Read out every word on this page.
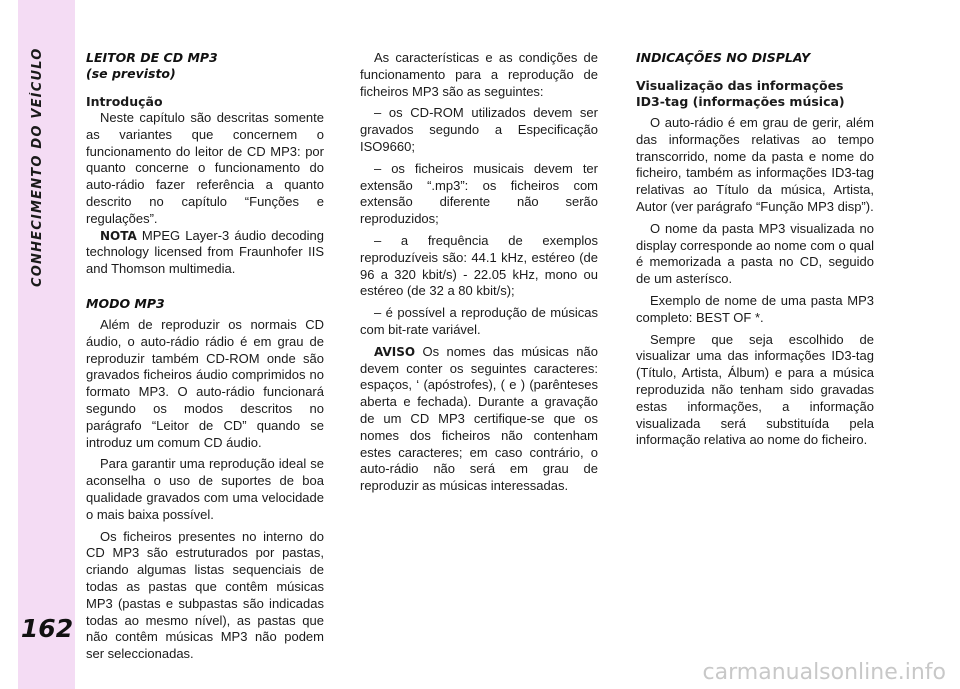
CONHECIMENTO DO VEÍCULO
162
LEITOR DE CD MP3
(se previsto)
Introdução

Neste capítulo são descritas somente as variantes que concernem o funcionamento do leitor de CD MP3: por quanto concerne o funcionamento do auto-rádio fazer referência a quanto descrito no capítulo “Funções e regulações”.

NOTA MPEG Layer-3 áudio decoding technology licensed from Fraunhofer IIS and Thomson multimedia.

MODO MP3

Além de reproduzir os normais CD áudio, o auto-rádio rádio é em grau de reproduzir também CD-ROM onde são gravados ficheiros áudio comprimidos no formato MP3. O auto-rádio funcionará segundo os modos descritos no parágrafo “Leitor de CD” quando se introduz um comum CD áudio.

Para garantir uma reprodução ideal se aconselha o uso de suportes de boa qualidade gravados com uma velocidade o mais baixa possível.

Os ficheiros presentes no interno do CD MP3 são estruturados por pastas, criando algumas listas sequenciais de todas as pastas que contêm músicas MP3 (pastas e subpastas são indicadas todas ao mesmo nível), as pastas que não contêm músicas MP3 não podem ser seleccionadas.

As características e as condições de funcionamento para a reprodução de ficheiros MP3 são as seguintes:

– os CD-ROM utilizados devem ser gravados segundo a Especificação ISO9660;

– os ficheiros musicais devem ter extensão “.mp3”: os ficheiros com extensão diferente não serão reproduzidos;

– a frequência de exemplos reproduzíveis são: 44.1 kHz, estéreo (de 96 a 320 kbit/s) - 22.05 kHz, mono ou estéreo (de 32 a 80 kbit/s);

– é possível a reprodução de músicas com bit-rate variável.

AVISO Os nomes das músicas não devem conter os seguintes caracteres: espaços, ‘ (apóstrofes), ( e ) (parênteses aberta e fechada). Durante a gravação de um CD MP3 certifique-se que os nomes dos ficheiros não contenham estes caracteres; em caso contrário, o auto-rádio não será em grau de reproduzir as músicas interessadas.

INDICAÇÕES NO DISPLAY
Visualização das informações
ID3-tag (informações música)

O auto-rádio é em grau de gerir, além das informações relativas ao tempo transcorrido, nome da pasta e nome do ficheiro, também as informações ID3-tag relativas ao Título da música, Artista, Autor (ver parágrafo “Função MP3 disp”).

O nome da pasta MP3 visualizada no display corresponde ao nome com o qual é memorizada a pasta no CD, seguido de um asterísco.

Exemplo de nome de uma pasta MP3 completo: BEST OF *.

Sempre que seja escolhido de visualizar uma das informações ID3-tag (Título, Artista, Álbum) e para a música reproduzida não tenham sido gravadas estas informações, a informação visualizada será substituída pela informação relativa ao nome do ficheiro.

carmanualsonline.info
